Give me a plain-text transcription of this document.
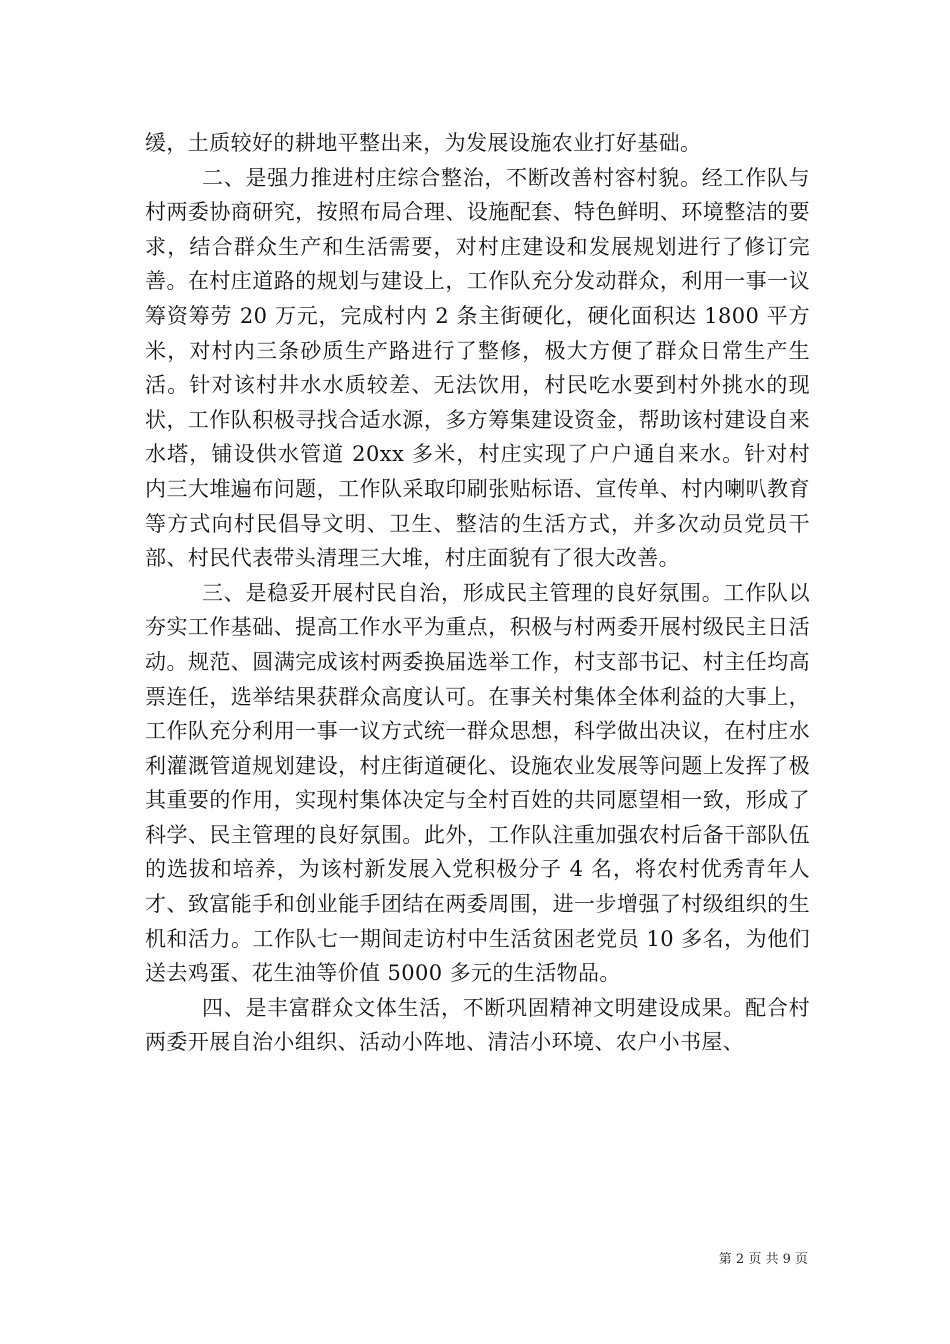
缓，土质较好的耕地平整出来，为发展设施农业打好基础。

二、是强力推进村庄综合整治，不断改善村容村貌。经工作队与村两委协商研究，按照布局合理、设施配套、特色鲜明、环境整洁的要求，结合群众生产和生活需要，对村庄建设和发展规划进行了修订完善。在村庄道路的规划与建设上，工作队充分发动群众，利用一事一议筹资筹劳 20 万元，完成村内 2 条主街硬化，硬化面积达 1800 平方米，对村内三条砂质生产路进行了整修，极大方便了群众日常生产生活。针对该村井水水质较差、无法饮用，村民吃水要到村外挑水的现状，工作队积极寻找合适水源，多方筹集建设资金，帮助该村建设自来水塔，铺设供水管道 20xx 多米，村庄实现了户户通自来水。针对村内三大堆遍布问题，工作队采取印刷张贴标语、宣传单、村内喇叭教育等方式向村民倡导文明、卫生、整洁的生活方式，并多次动员党员干部、村民代表带头清理三大堆，村庄面貌有了很大改善。

三、是稳妥开展村民自治，形成民主管理的良好氛围。工作队以夯实工作基础、提高工作水平为重点，积极与村两委开展村级民主日活动。规范、圆满完成该村两委换届选举工作，村支部书记、村主任均高票连任，选举结果获群众高度认可。在事关村集体全体利益的大事上，工作队充分利用一事一议方式统一群众思想，科学做出决议，在村庄水利灌溉管道规划建设，村庄街道硬化、设施农业发展等问题上发挥了极其重要的作用，实现村集体决定与全村百姓的共同愿望相一致，形成了科学、民主管理的良好氛围。此外，工作队注重加强农村后备干部队伍的选拔和培养，为该村新发展入党积极分子 4 名，将农村优秀青年人才、致富能手和创业能手团结在两委周围，进一步增强了村级组织的生机和活力。工作队七一期间走访村中生活贫困老党员 10 多名，为他们送去鸡蛋、花生油等价值 5000 多元的生活物品。

四、是丰富群众文体生活，不断巩固精神文明建设成果。配合村两委开展自治小组织、活动小阵地、清洁小环境、农户小书屋、

第 2 页 共 9 页
